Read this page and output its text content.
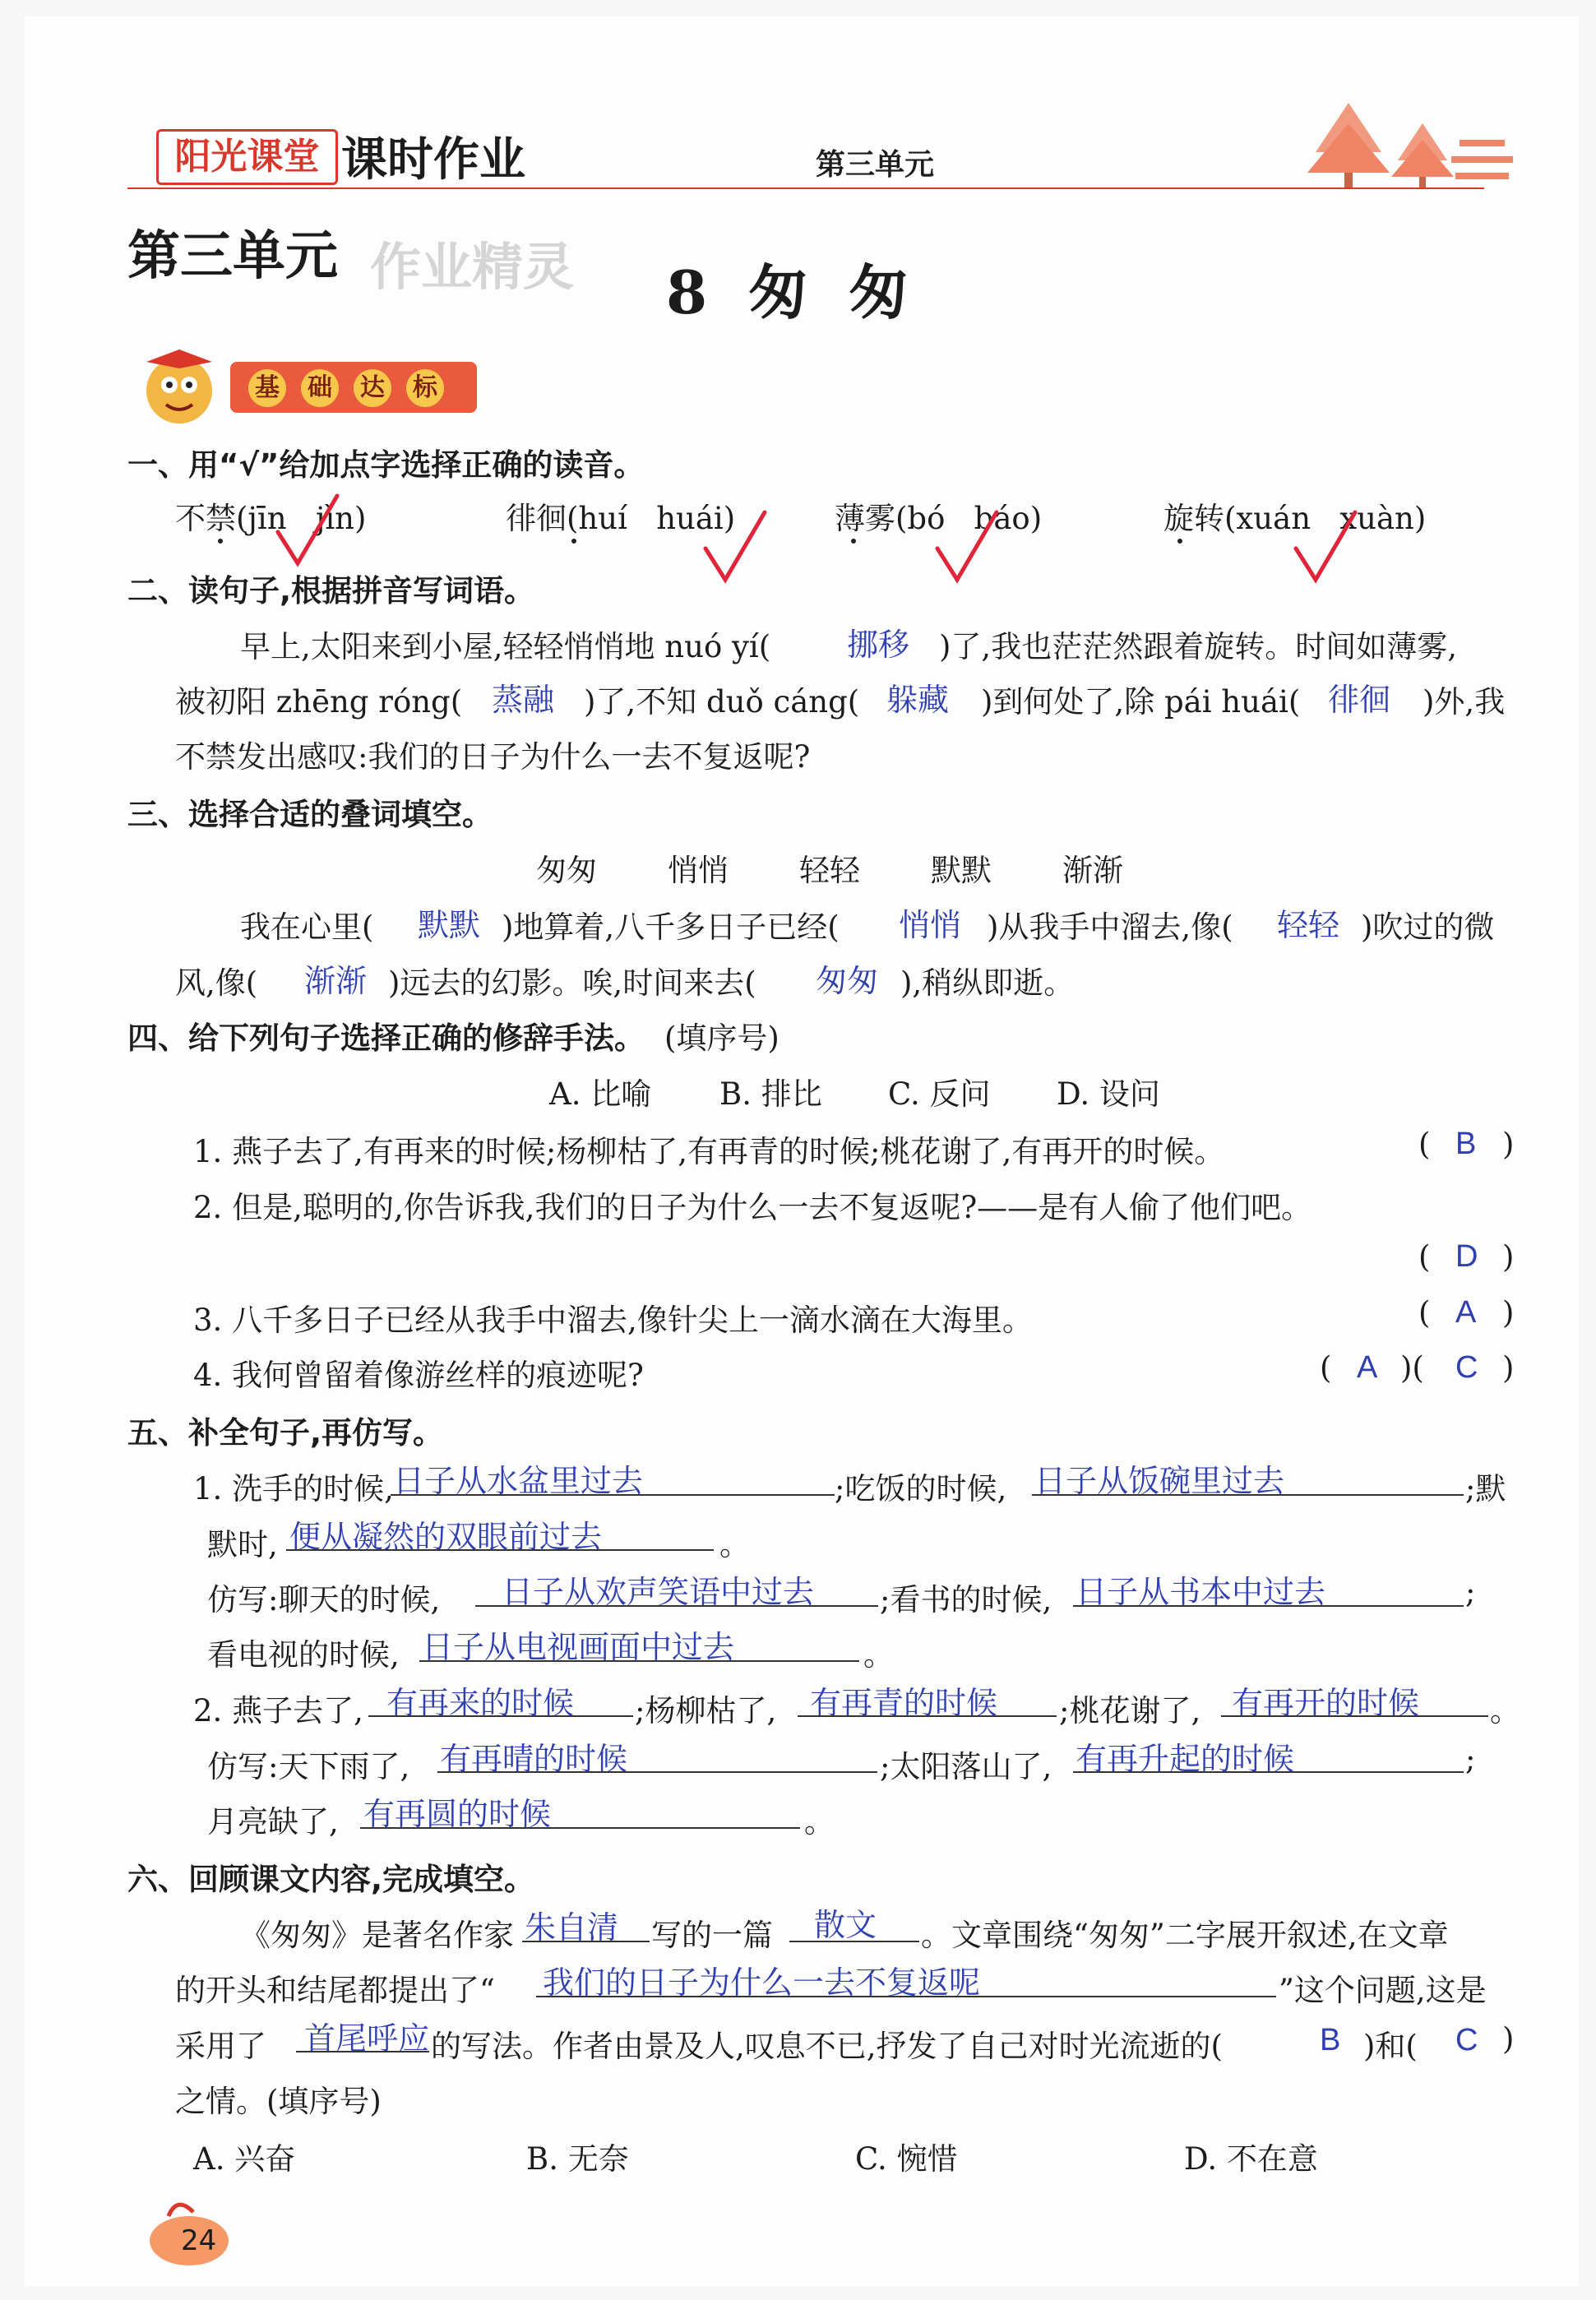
阳光课堂 课时作业	第三单元
第三单元 作业精灵 8  匆  匆
基 础 达 标
一、用“√”给加点字选择正确的读音。
不禁(jīn   jìn)	徘徊(huí   huái)	薄雾(bó   báo)	旋转(xuán   xuàn)
二、读句子,根据拼音写词语。
早上,太阳来到小屋,轻轻悄悄地 nuó yí( 挪移 )了,我也茫茫然跟着旋转。时间如薄雾,
被初阳 zhēng róng( 蒸融 )了,不知 duǒ cáng( 躲藏 )到何处了,除 pái huái( 徘徊 )外,我
不禁发出感叹:我们的日子为什么一去不复返呢?
三、选择合适的叠词填空。
匆匆 悄悄 轻轻 默默 渐渐
我在心里( 默默 )地算着,八千多日子已经( 悄悄 )从我手中溜去,像( 轻轻 )吹过的微
风,像( 渐渐 )远去的幻影。唉,时间来去( 匆匆 ),稍纵即逝。
四、给下列句子选择正确的修辞手法。 (填序号)
A. 比喻 B. 排比 C. 反问 D. 设问
1. 燕子去了,有再来的时候;杨柳枯了,有再青的时候;桃花谢了,有再开的时候。	( B )
2. 但是,聪明的,你告诉我,我们的日子为什么一去不复返呢?——是有人偷了他们吧。
( D )
3. 八千多日子已经从我手中溜去,像针尖上一滴水滴在大海里。	( A )
4. 我何曾留着像游丝样的痕迹呢?	( A )( C )
五、补全句子,再仿写。
1. 洗手的时候, 日子从水盆里过去	;吃饭的时候, 日子从饭碗里过去	;默
默时, 便从凝然的双眼前过去	。
仿写:聊天的时候, 日子从欢声笑语中过去 ;看书的时候, 日子从书本中过去	;
看电视的时候, 日子从电视画面中过去	。
2. 燕子去了, 有再来的时候 ;杨柳枯了, 有再青的时候 ;桃花谢了, 有再开的时候 。
仿写:天下雨了, 有再晴的时候	;太阳落山了, 有再升起的时候	;
月亮缺了, 有再圆的时候	。
六、回顾课文内容,完成填空。
《匆匆》是著名作家 朱自清 写的一篇 散文 。文章围绕“匆匆”二字展开叙述,在文章
的开头和结尾都提出了“ 我们的日子为什么一去不复返呢	”这个问题,这是
采用了 首尾呼应 的写法。作者由景及人,叹息不已,抒发了自己对时光流逝的(	B )和( C )
之情。 (填序号)
A. 兴奋	B. 无奈	C. 惋惜	D. 不在意
24
